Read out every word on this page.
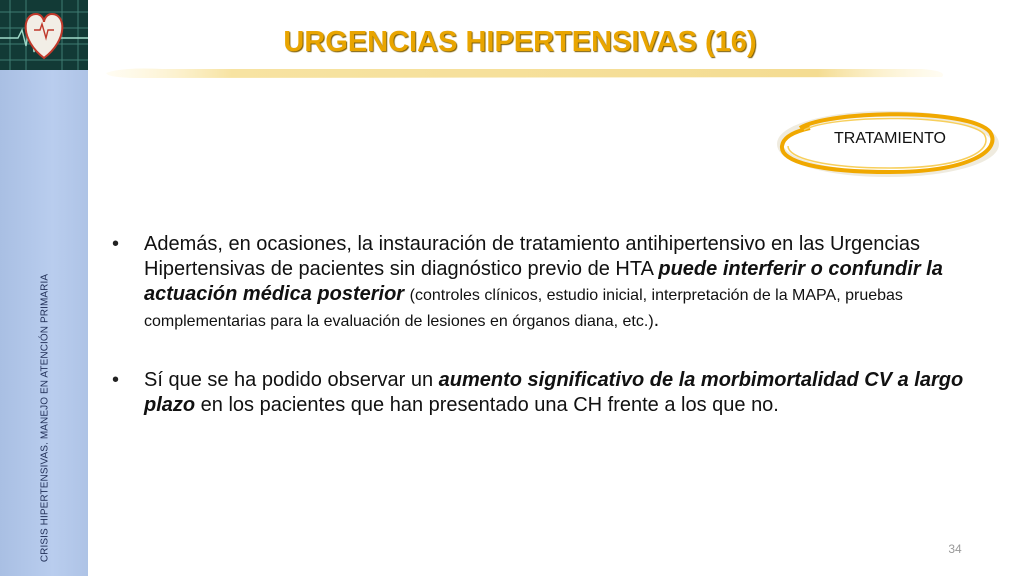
CRISIS HIPERTENSIVAS. MANEJO EN ATENCIÓN PRIMARIA
URGENCIAS HIPERTENSIVAS (16)
TRATAMIENTO
• Además, en ocasiones, la instauración de tratamiento antihipertensivo en las Urgencias Hipertensivas de pacientes sin diagnóstico previo de HTA puede interferir o confundir la actuación médica posterior (controles clínicos, estudio inicial, interpretación de la MAPA, pruebas complementarias para la evaluación de lesiones en órganos diana, etc.).
• Sí que se ha podido observar un aumento significativo de la morbimortalidad CV a largo plazo en los pacientes que han presentado una CH frente a los que no.
34
